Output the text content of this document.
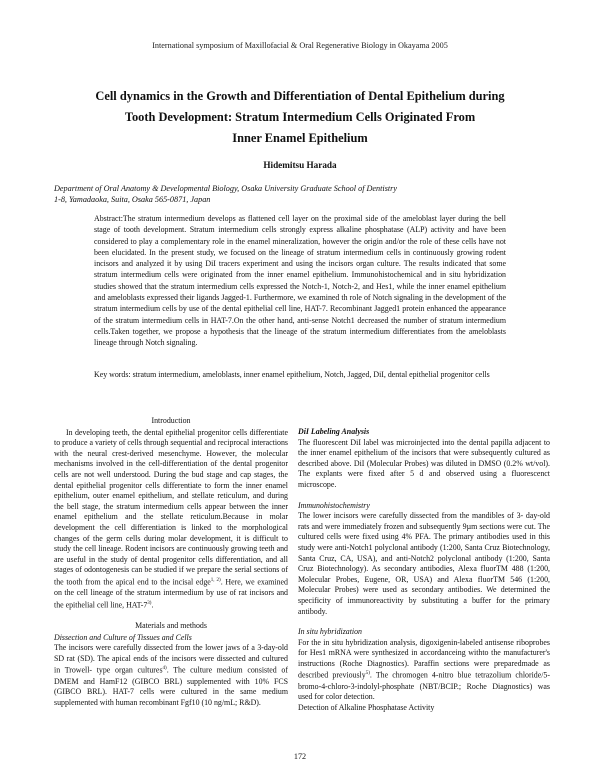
International symposium of Maxillofacial & Oral Regenerative Biology in Okayama 2005
Cell dynamics in the Growth and Differentiation of Dental Epithelium during
Tooth Development: Stratum Intermedium Cells Originated From
Inner Enamel Epithelium
Hidemitsu Harada
Department of Oral Anatomy & Developmental Biology, Osaka University Graduate School of Dentistry
1-8, Yamadaoka, Suita, Osaka 565-0871, Japan
Abstract:The stratum intermedium develops as flattened cell layer on the proximal side of the ameloblast layer during the bell stage of tooth development. Stratum intermedium cells strongly express alkaline phosphatase (ALP) activity and have been considered to play a complementary role in the enamel mineralization, however the origin and/or the role of these cells have not been elucidated. In the present study, we focused on the lineage of stratum intermedium cells in continuously growing rodent incisors and analyzed it by using DiI tracers experiment and using the incisors organ culture. The results indicated that some stratum intermedium cells were originated from the inner enamel epithelium. Immunohistochemical and in situ hybridization studies showed that the stratum intermedium cells expressed the Notch-1, Notch-2, and Hes1, while the inner enamel epithelium and ameloblasts expressed their ligands Jagged-1. Furthermore, we examined th role of Notch signaling in the development of the stratum intermedium cells by use of the dental epithelial cell line, HAT-7. Recombinant Jagged1 protein enhanced the appearance of the stratum intermedium cells in HAT-7.On the other hand, anti-sense Notch1 decreased the number of stratum intermedium cells.Taken together, we propose a hypothesis that the lineage of the stratum intermedium differentiates from the ameloblasts lineage through Notch signaling.
Key words: stratum intermedium, ameloblasts, inner enamel epithelium, Notch, Jagged, DiI, dental epithelial progenitor cells
Introduction

In developing teeth, the dental epithelial progenitor cells differentiate to produce a variety of cells through sequential and reciprocal interactions with the neural crest-derived mesenchyme. However, the molecular mechanisms involved in the cell-differentiation of the dental progenitor cells are not well understood. During the bud stage and cap stages, the dental epithelial progenitor cells differentiate to form the inner enamel epithelium, outer enamel epithelium, and stellate reticulum, and during the bell stage, the stratum intermedium cells appear between the inner enamel epithelium and the stellate reticulum.Because in molar development the cell differentiation is linked to the morphological changes of the germ cells during molar development, it is difficult to study the cell lineage. Rodent incisors are continuously growing teeth and are useful in the study of dental progenitor cells differentiation, and all stages of odontogenesis can be studied if we prepare the serial sections of the tooth from the apical end to the incisal edge$^{1, 2)}$. Here, we examined on the cell lineage of the stratum intermedium by use of rat incisors and the epithelial cell line, HAT-7$^{3)}$.

Materials and methods
Dissection and Culture of Tissues and Cells

The incisors were carefully dissected from the lower jaws of a 3-day-old SD rat (SD). The apical ends of the incisors were dissected and cultured in Trowell- type organ cultures$^{4)}$. The culture medium consisted of DMEM and HamF12 (GIBCO BRL) supplemented with 10% FCS (GIBCO BRL). HAT-7 cells were cultured in the same medium supplemented with human recombinant Fgf10 (10 ng/mL; R&D).

DiI Labeling Analysis

The fluorescent DiI label was microinjected into the dental papilla adjacent to the inner enamel epithelium of the incisors that were subsequently cultured as described above. DiI (Molecular Probes) was diluted in DMSO (0.2% wt/vol). The explants were fixed after 5 d and observed using a fluorescenct microscope.

Immunohistochemistry

The lower incisors were carefully dissected from the mandibles of 3- day-old rats and were immediately frozen and subsequently 9µm sections were cut. The cultured cells were fixed using 4% PFA. The primary antibodies used in this study were anti-Notch1 polyclonal antibody (1:200, Santa Cruz Biotechnology, Santa Cruz, CA, USA), and anti-Notch2 polyclonal antibody (1:200, Santa Cruz Biotechnology). As secondary antibodies, Alexa fluorTM 488 (1:200, Molecular Probes, Eugene, OR, USA) and Alexa fluorTM 546 (1:200, Molecular Probes) were used as secondary antibodies. We determined the specificity of immunoreactivity by substituting a buffer for the primary antibody.

In situ hybridization

For the in situ hybridization analysis, digoxigenin-labeled antisense riboprobes for Hes1 mRNA were synthesized in accordanceing withto the manufacturer's instructions (Roche Diagnostics). Paraffin sections were preparedmade as described previously$^{5)}$. The chromogen 4-nitro blue tetrazolium chloride/5-bromo-4-chloro-3-indolyl-phosphate (NBT/BCIP.; Roche Diagnostics) was used for color detection.

Detection of Alkaline Phosphatase Activity
172
